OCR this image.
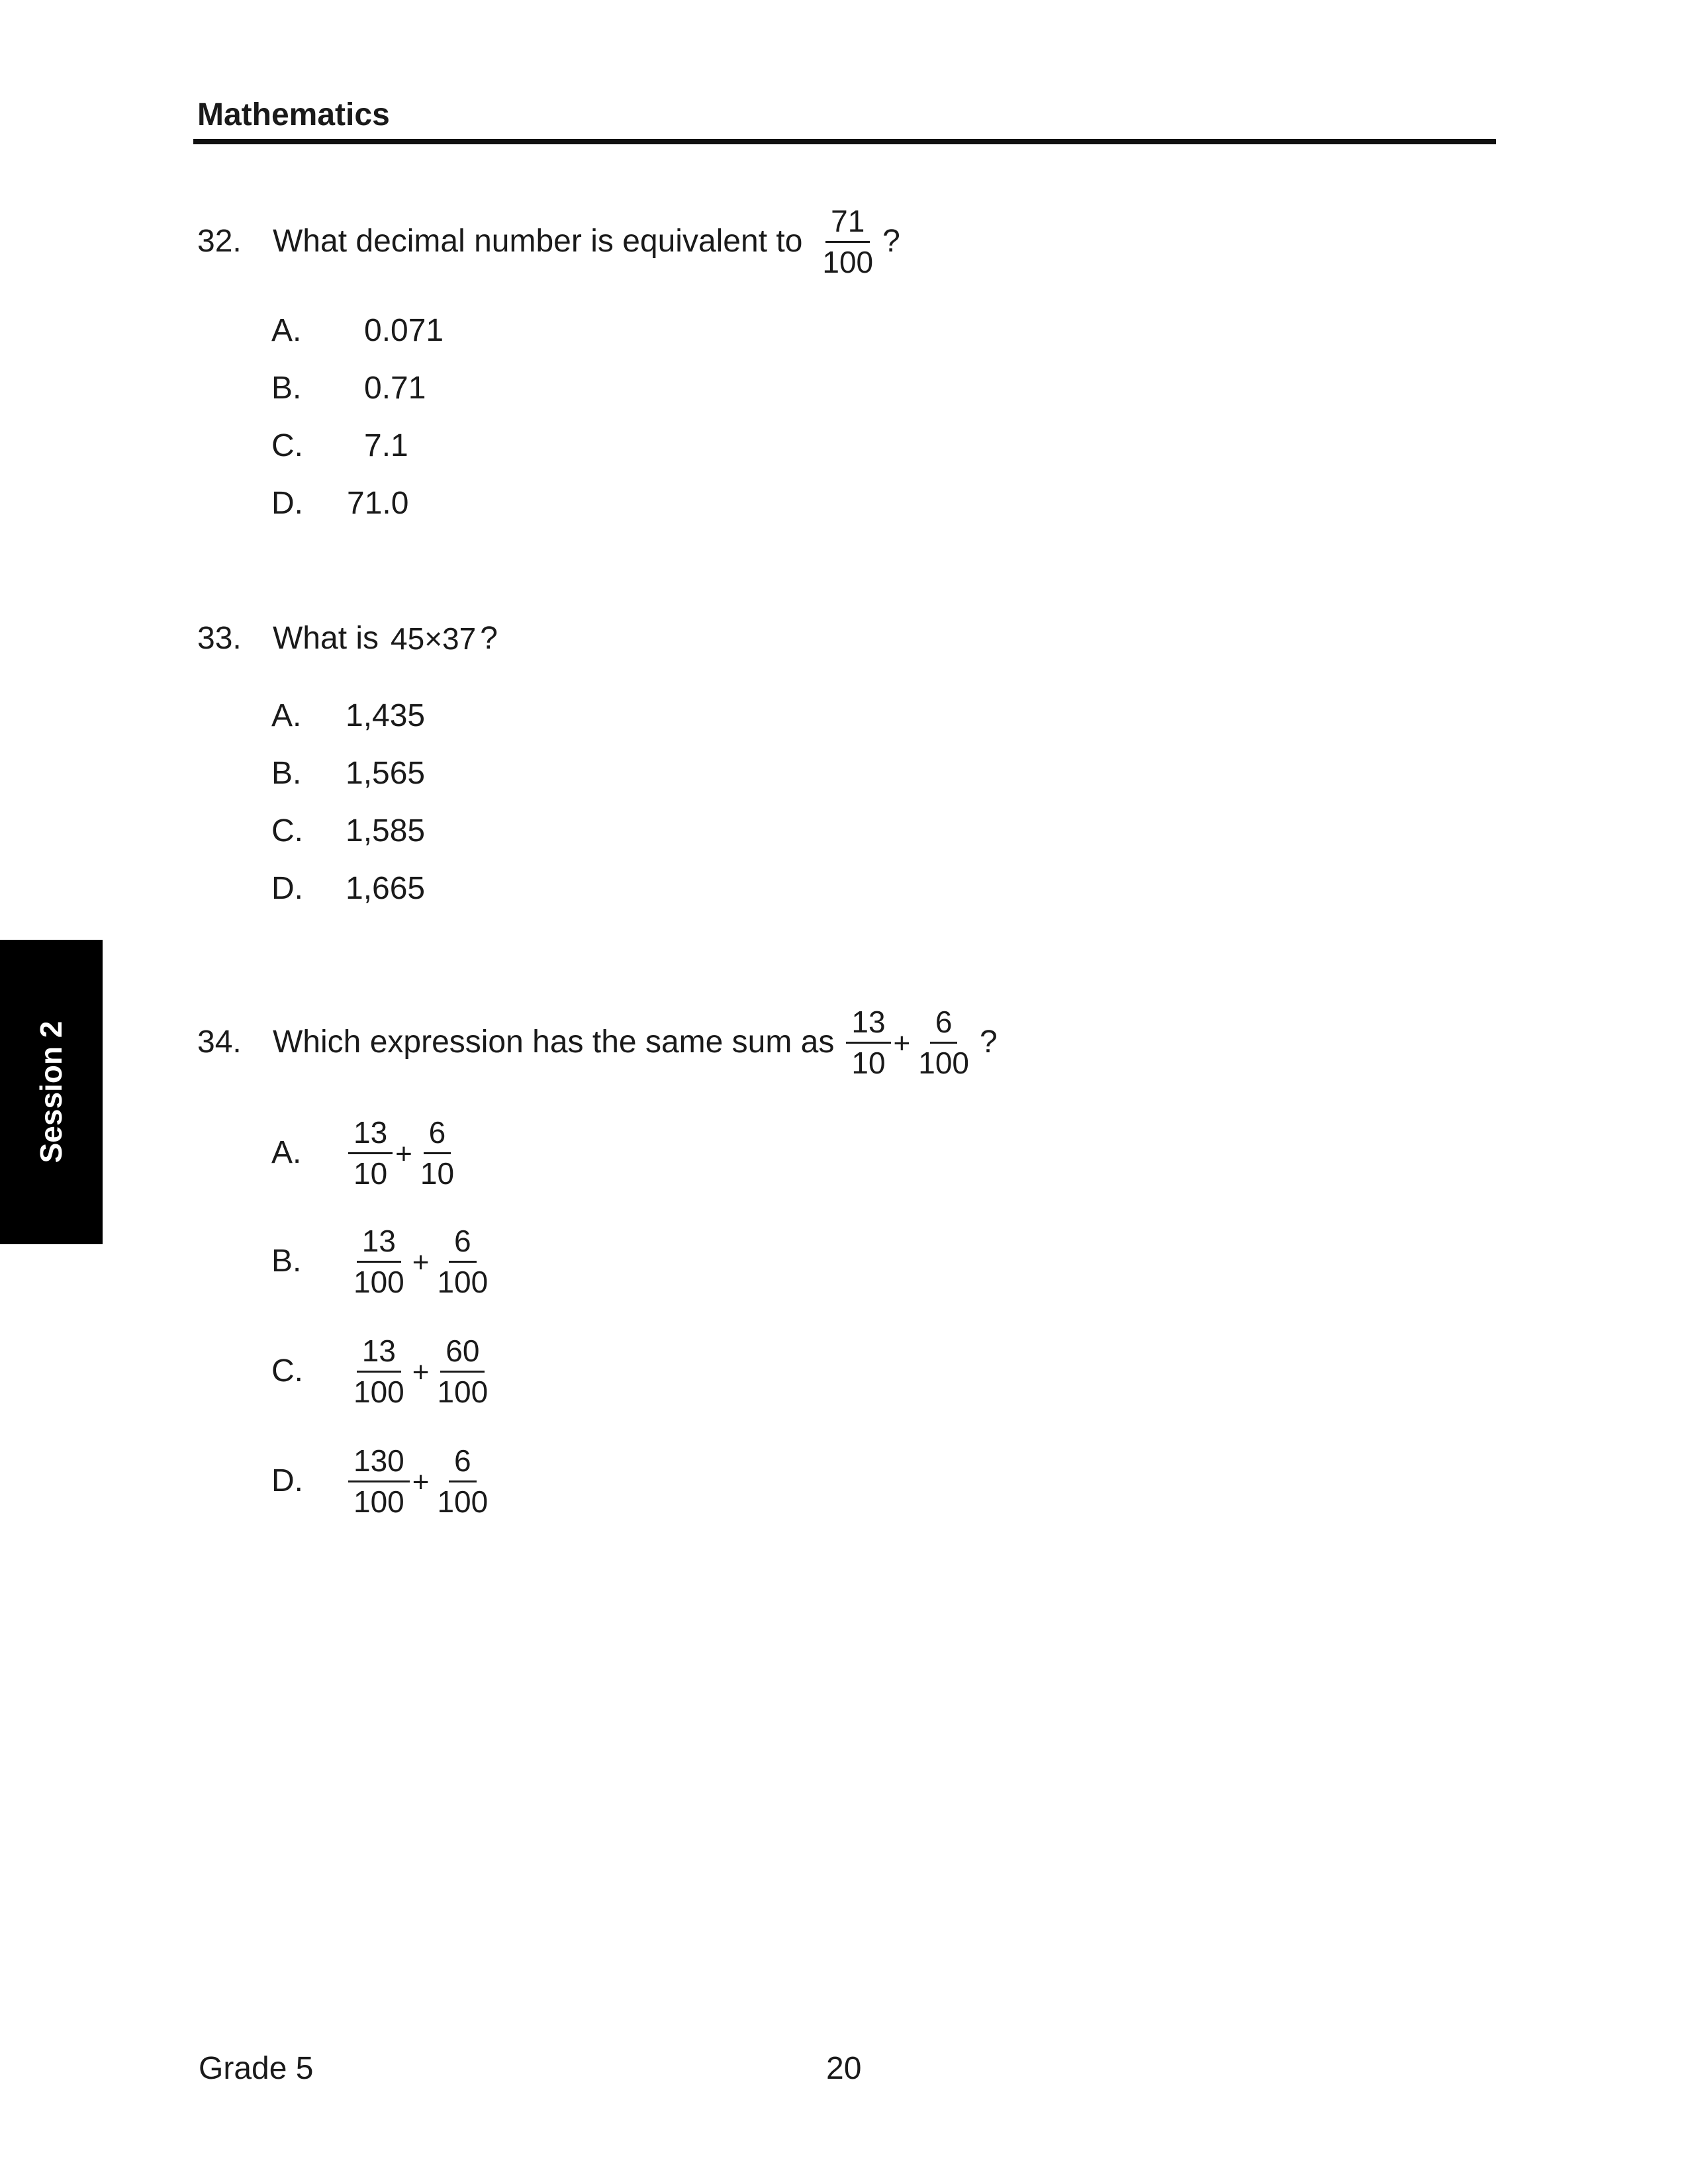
Mathematics
Session 2
32. What decimal number is equivalent to $\frac{71}{100}$ ?
A.	0.071
B.	0.71
C.	7.1
D.	71.0
33. What is 45×37 ?
A.	1,435
B.	1,565
C.	1,585
D.	1,665
34. Which expression has the same sum as $\frac{13}{10} + \frac{6}{100}$ ?
A.	$\frac{13}{10} + \frac{6}{10}$
B.	$\frac{13}{100} + \frac{6}{100}$
C.	$\frac{13}{100} + \frac{60}{100}$
D.	$\frac{130}{100} + \frac{6}{100}$
Grade 5	20
